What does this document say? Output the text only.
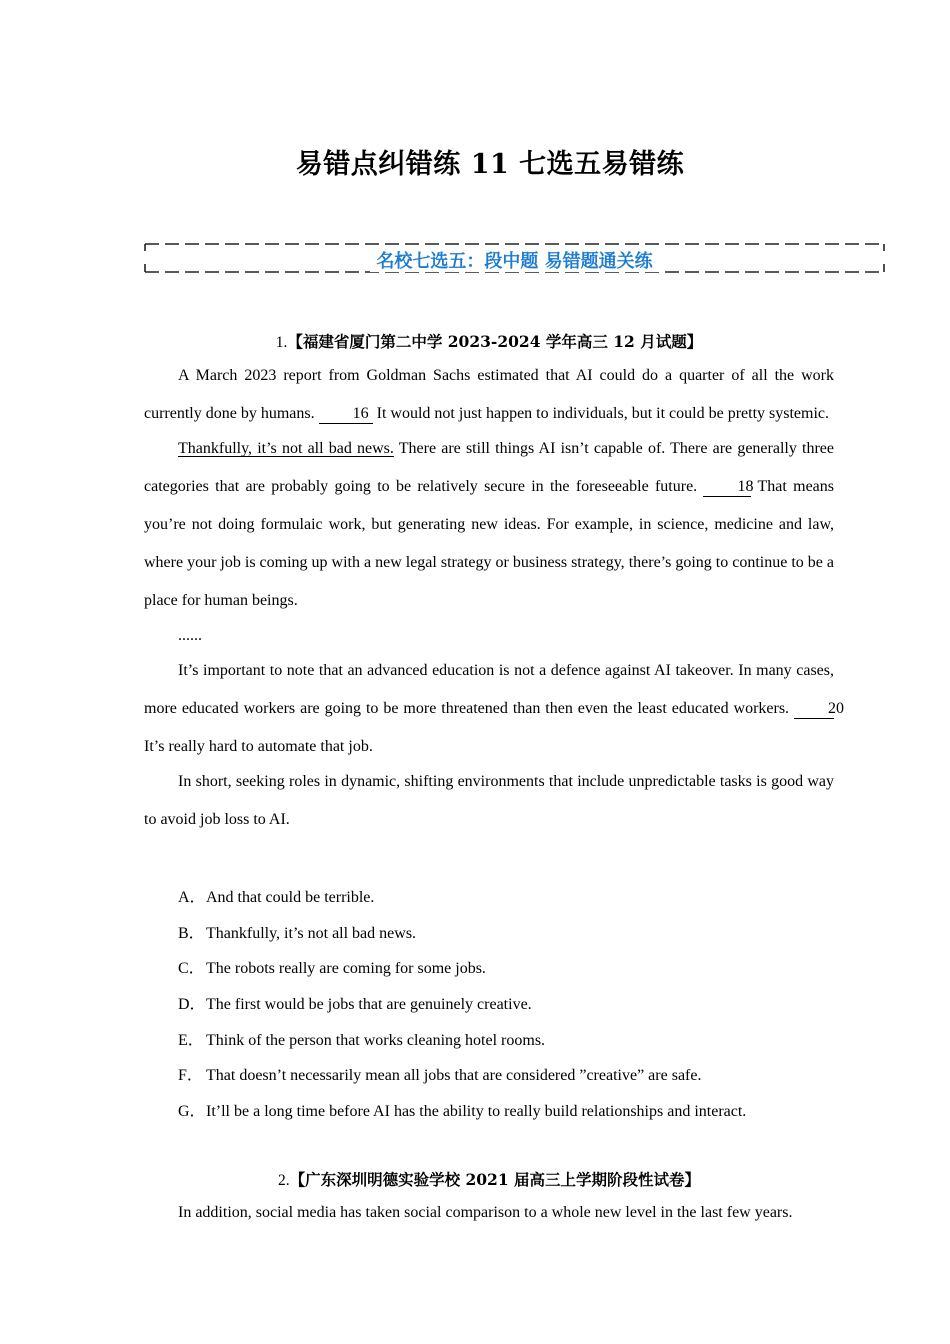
易错点纠错练 11 七选五易错练
名校七选五：段中题 易错题通关练
1.【福建省厦门第二中学 2023-2024 学年高三 12 月试题】

A March 2023 report from Goldman Sachs estimated that AI could do a quarter of all the work currently done by humans. 16 It would not just happen to individuals, but it could be pretty systemic.

Thankfully, it’s not all bad news. There are still things AI isn’t capable of. There are generally three categories that are probably going to be relatively secure in the foreseeable future.	18 That means you’re not doing formulaic work, but generating new ideas. For example, in science, medicine and law, where your job is coming up with a new legal strategy or business strategy, there’s going to continue to be a place for human beings.

......

It’s important to note that an advanced education is not a defence against AI takeover. In many cases, more educated workers are going to be more threatened than then even the least educated workers. 20 It’s really hard to automate that job.

In short, seeking roles in dynamic, shifting environments that include unpredictable tasks is good way to avoid job loss to AI.

A．And that could be terrible.
B．Thankfully, it’s not all bad news.
C．The robots really are coming for some jobs.
D．The first would be jobs that are genuinely creative.
E． Think of the person that works cleaning hotel rooms.
F． That doesn’t necessarily mean all jobs that are considered ”creative” are safe.
G．It’ll be a long time before AI has the ability to really build relationships and interact.
2.【广东深圳明德实验学校 2021 届高三上学期阶段性试卷】

In addition, social media has taken social comparison to a whole new level in the last few years.
